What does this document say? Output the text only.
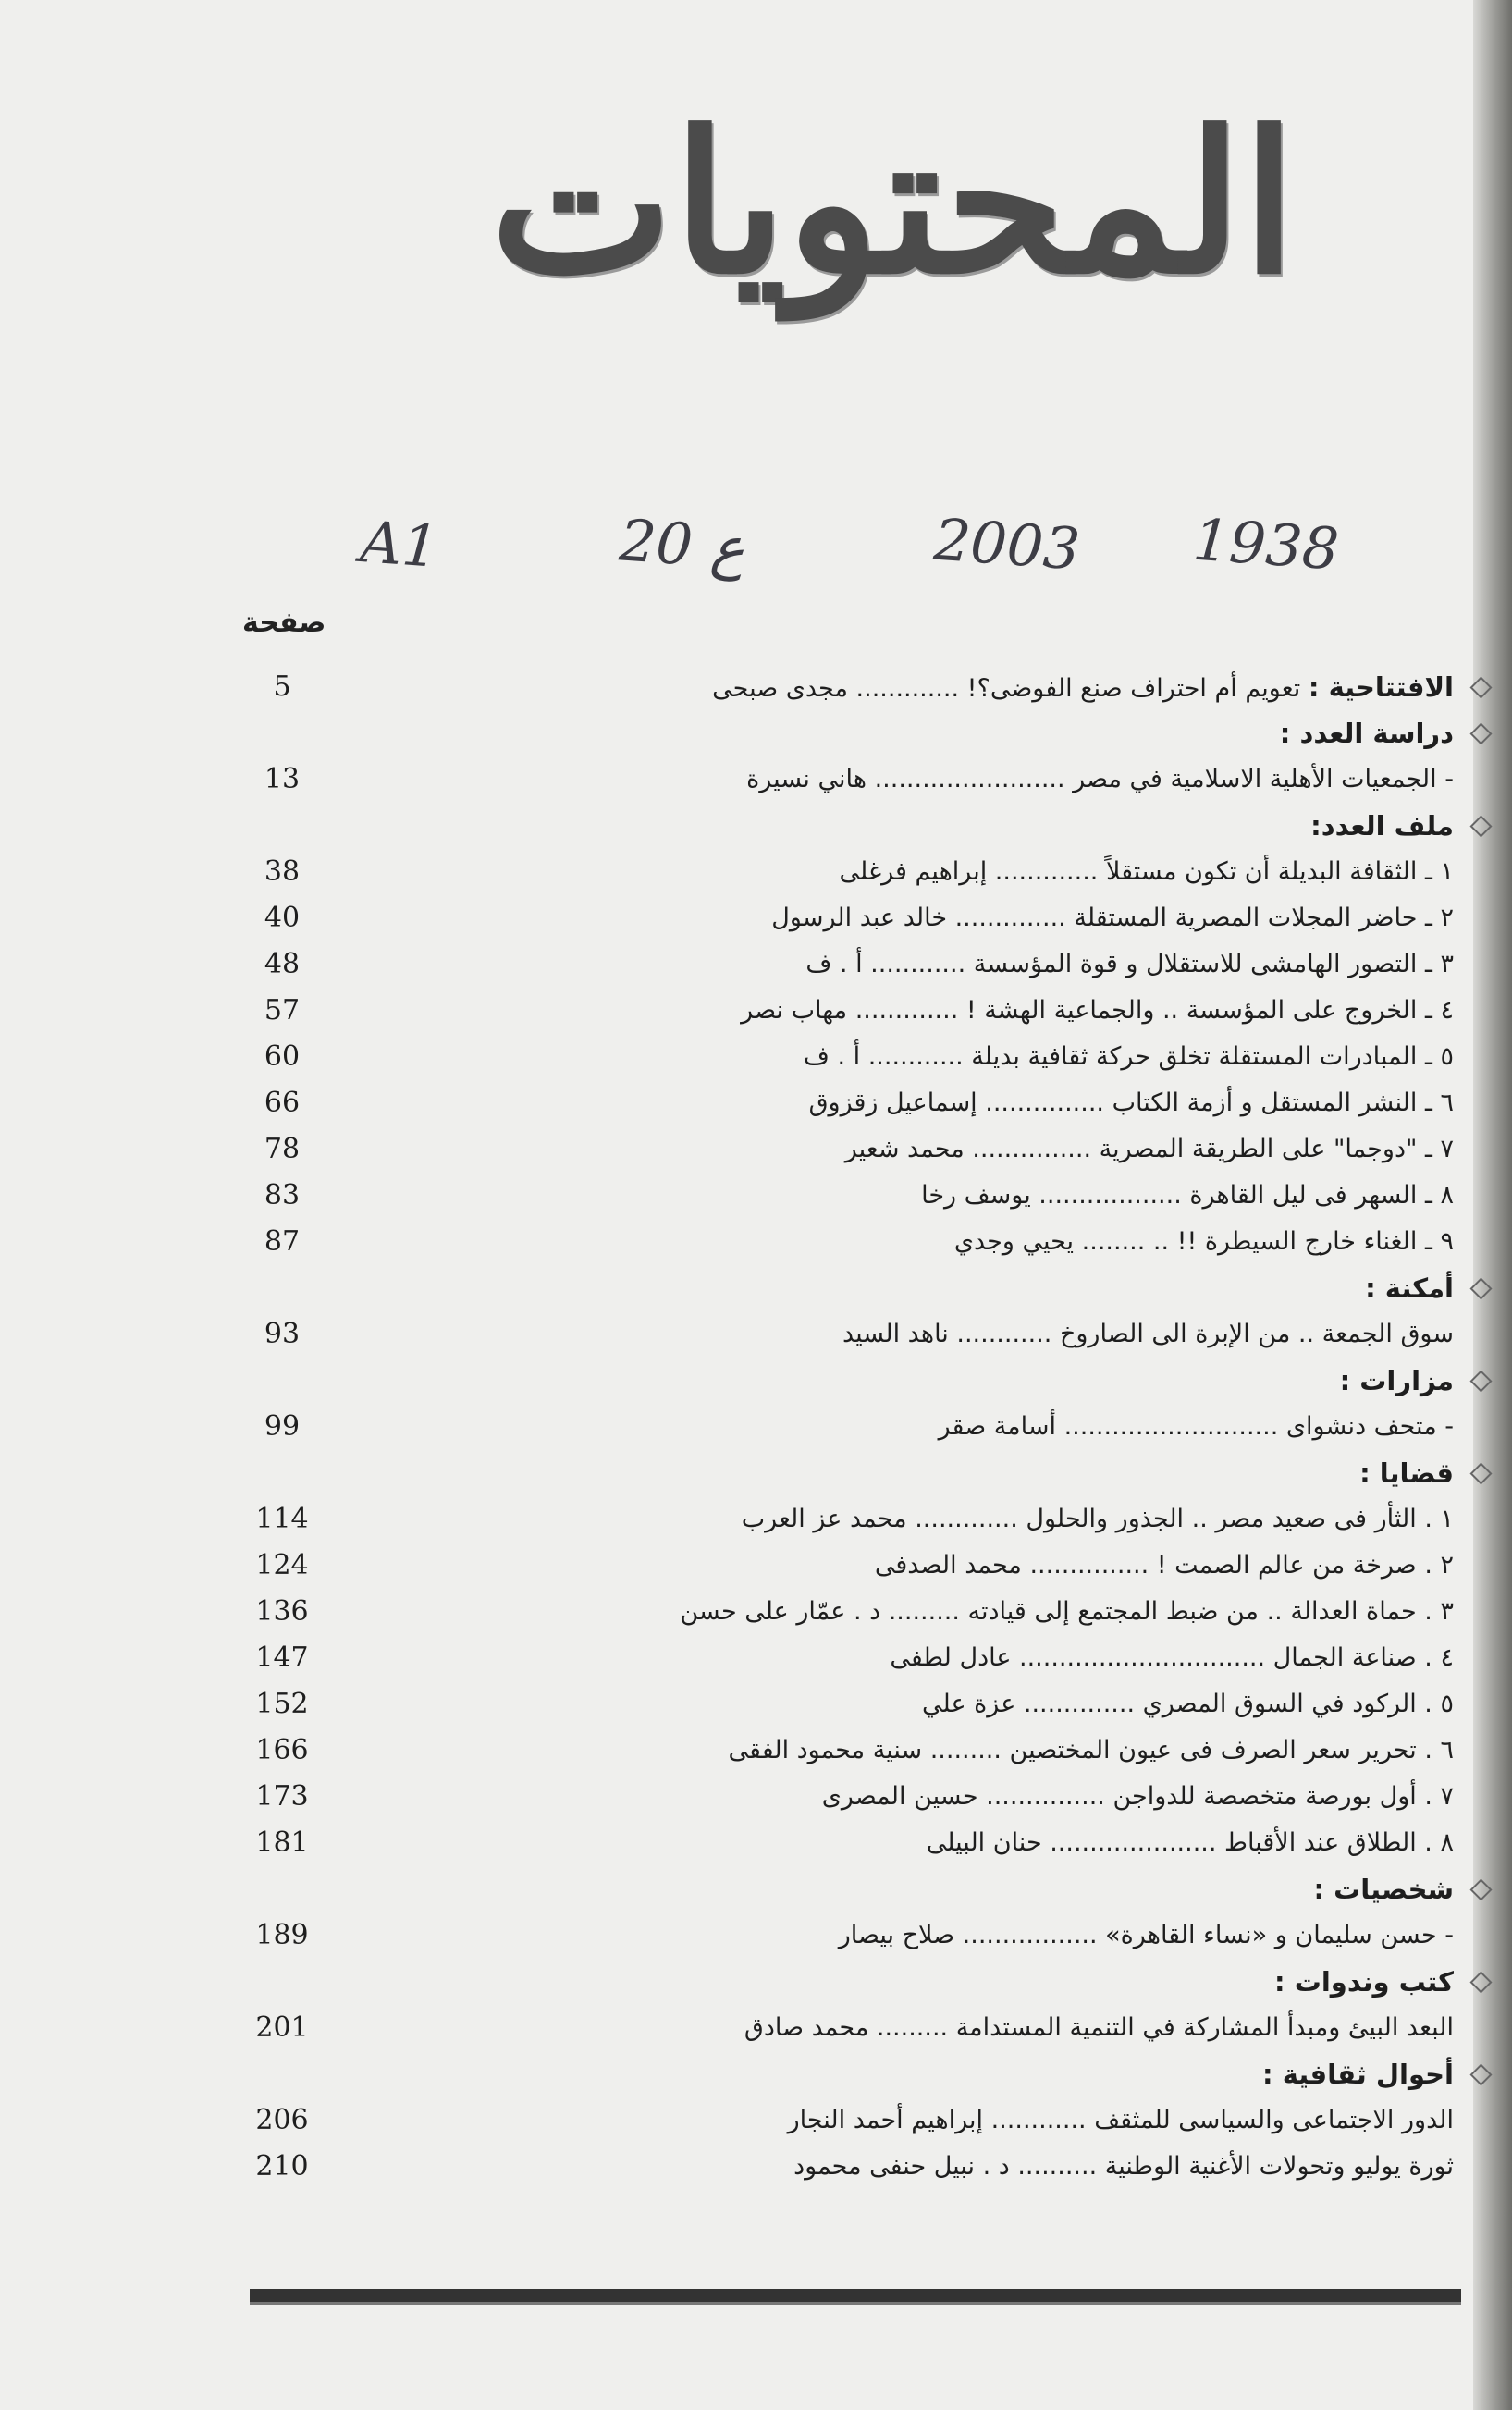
المحتويات
A1	2003
ع 20	1938
صفحة
الافتتاحية : تعويم أم احتراف صنع الفوضى؟! ............. مجدى صبحى
5
دراسة العدد :
- الجمعيات الأهلية الاسلامية في مصر ........................ هاني نسيرة
13
ملف العدد:
١ ـ الثقافة البديلة أن تكون مستقلاً ............. إبراهيم فرغلى
38
٢ ـ حاضر المجلات المصرية المستقلة .............. خالد عبد الرسول
40
٣ ـ التصور الهامشى للاستقلال و قوة المؤسسة ............ أ . ف
48
٤ ـ الخروج على المؤسسة .. والجماعية الهشة ! ............. مهاب نصر
57
٥ ـ المبادرات المستقلة تخلق حركة ثقافية بديلة ............ أ . ف
60
٦ ـ النشر المستقل و أزمة الكتاب ............... إسماعيل زقزوق
66
٧ ـ "دوجما" على الطريقة المصرية ............... محمد شعير
78
٨ ـ السهر فى ليل القاهرة .................. يوسف رخا
83
٩ ـ الغناء خارج السيطرة !! .. ........ يحيي وجدي
87
أمكنة :
سوق الجمعة .. من الإبرة الى الصاروخ ............ ناهد السيد
93
مزارات :
- متحف دنشواى ........................... أسامة صقر
99
قضايا :
١ . الثأر فى صعيد مصر .. الجذور والحلول ............. محمد عز العرب
114
٢ . صرخة من عالم الصمت ! ............... محمد الصدفى
124
٣ . حماة العدالة .. من ضبط المجتمع إلى قيادته ......... د . عمّار على حسن
136
٤ . صناعة الجمال ............................... عادل لطفى
147
٥ . الركود في السوق المصري .............. عزة علي
152
٦ . تحرير سعر الصرف فى عيون المختصين ......... سنية محمود الفقى
166
٧ . أول بورصة متخصصة للدواجن ............... حسين المصرى
173
٨ . الطلاق عند الأقباط ..................... حنان البيلى
181
شخصيات :
- حسن سليمان و «نساء القاهرة» ................. صلاح بيصار
189
كتب وندوات :
البعد البيئ ومبدأ المشاركة في التنمية المستدامة ......... محمد صادق
201
أحوال ثقافية :
الدور الاجتماعى والسياسى للمثقف ............ إبراهيم أحمد النجار
206
ثورة يوليو وتحولات الأغنية الوطنية .......... د . نبيل حنفى محمود
210
